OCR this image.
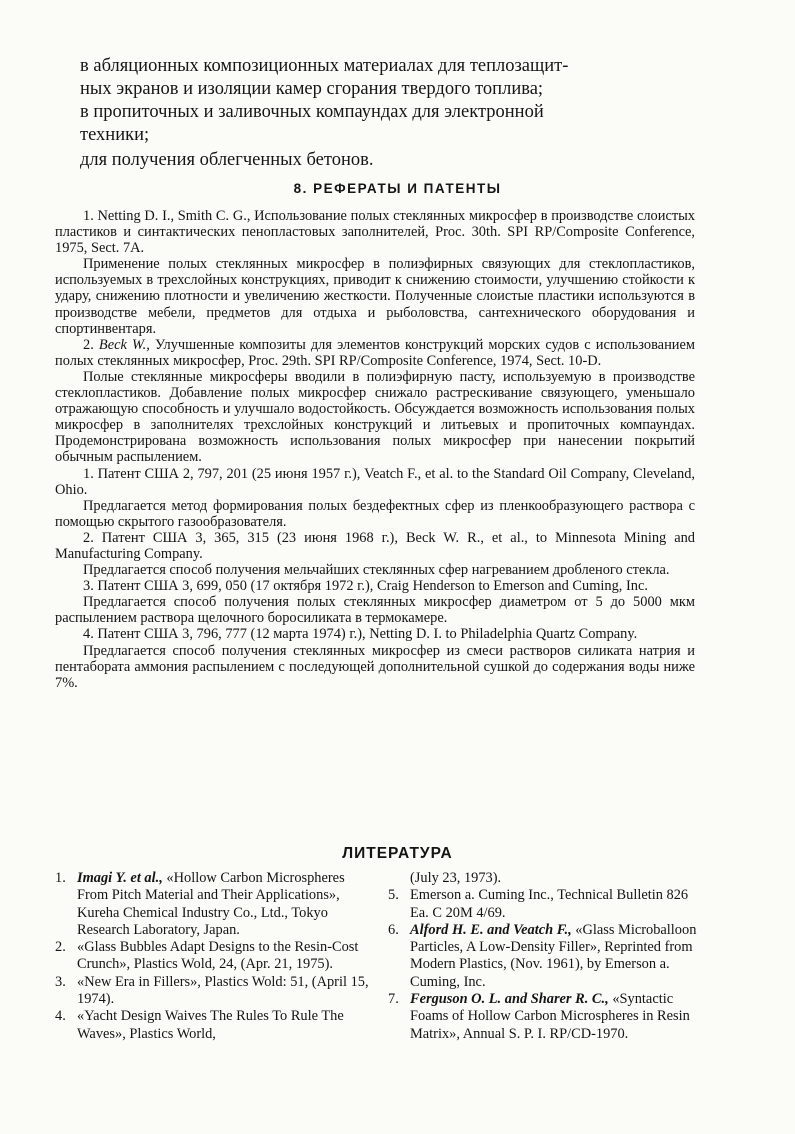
в абляционных композиционных материалах для теплозащит-

ных экранов и изоляции камер сгорания твердого топлива;

в пропиточных и заливочных компаундах для электронной

техники;

для получения облегченных бетонов.

8. РЕФЕРАТЫ И ПАТЕНТЫ

1. Netting D. I., Smith C. G., Использование полых стеклянных микросфер в производстве слоистых пластиков и синтактических пенопластовых заполнителей, Proc. 30th. SPI RP/Composite Conference, 1975, Sect. 7A.

Применение полых стеклянных микросфер в полиэфирных связующих для стеклопластиков, используемых в трехслойных конструкциях, приводит к снижению стоимости, улучшению стойкости к удару, снижению плотности и увеличению жесткости. Полученные слоистые пластики используются в производстве мебели, предметов для отдыха и рыболовства, сантехнического оборудования и спортинвентаря.

2. Beck W., Улучшенные композиты для элементов конструкций морских судов с использованием полых стеклянных микросфер, Proc. 29th. SPI RP/Composite Conference, 1974, Sect. 10-D.

Полые стеклянные микросферы вводили в полиэфирную пасту, используемую в производстве стеклопластиков. Добавление полых микросфер снижало растрескивание связующего, уменьшало отражающую способность и улучшало водостойкость. Обсуждается возможность использования полых микросфер в заполнителях трехслойных конструкций и литьевых и пропиточных компаундах. Продемонстрирована возможность использования полых микросфер при нанесении покрытий обычным распылением.

1. Патент США 2, 797, 201 (25 июня 1957 г.), Veatch F., et al. to the Standard Oil Company, Cleveland, Ohio.

Предлагается метод формирования полых бездефектных сфер из пленкообразующего раствора с помощью скрытого газообразователя.

2. Патент США 3, 365, 315 (23 июня 1968 г.), Beck W. R., et al., to Minnesota Mining and Manufacturing Company.

Предлагается способ получения мельчайших стеклянных сфер нагреванием дробленого стекла.

3. Патент США 3, 699, 050 (17 октября 1972 г.), Craig Henderson to Emerson and Cuming, Inc.

Предлагается способ получения полых стеклянных микросфер диаметром от 5 до 5000 мкм распылением раствора щелочного боросиликата в термокамере.

4. Патент США 3, 796, 777 (12 марта 1974) г.), Netting D. I. to Philadelphia Quartz Company.

Предлагается способ получения стеклянных микросфер из смеси растворов силиката натрия и пентабората аммония распылением с последующей дополнительной сушкой до содержания воды ниже 7%.

ЛИТЕРАТУРА
1. Imagi Y. et al., «Hollow Carbon Microspheres From Pitch Material and Their Applications», Kureha Chemical Industry Co., Ltd., Tokyo Research Laboratory, Japan.
2. «Glass Bubbles Adapt Designs to the Resin-Cost Crunch», Plastics Wold, 24, (Apr. 21, 1975).
3. «New Era in Fillers», Plastics Wold: 51, (April 15, 1974).
4. «Yacht Design Waives The Rules To Rule The Waves», Plastics World,
(July 23, 1973).
5. Emerson a. Cuming Inc., Technical Bulletin 826 Ea. C 20M 4/69.
6. Alford H. E. and Veatch F., «Glass Microballoon Particles, A Low-Density Filler», Reprinted from Modern Plastics, (Nov. 1961), by Emerson a. Cuming, Inc.
7. Ferguson O. L. and Sharer R. C., «Syntactic Foams of Hollow Carbon Microspheres in Resin Matrix», Annual S. P. I. RP/CD-1970.
